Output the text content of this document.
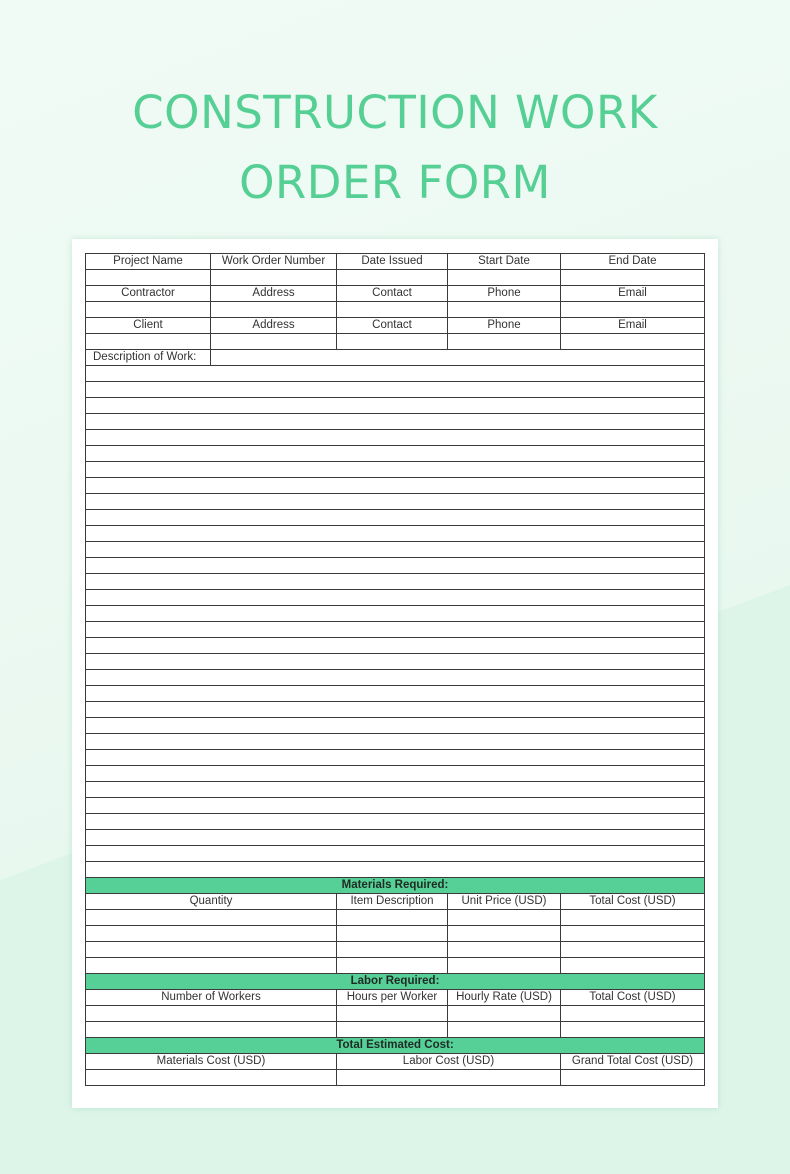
CONSTRUCTION WORK
ORDER FORM
Project Name	Work Order Number	Date Issued	Start Date	End Date

Contractor	Address	Contact	Phone	Email

Client	Address	Contact	Phone	Email

Description of Work:				

Materials Required:				
Quantity		Item Description	Unit Price (USD)	Total Cost (USD)

Labor Required:				
Number of Workers		Hours per Worker	Hourly Rate (USD)	Total Cost (USD)

Total Estimated Cost:				
Materials Cost (USD)		Labor Cost (USD)		Grand Total Cost (USD)
